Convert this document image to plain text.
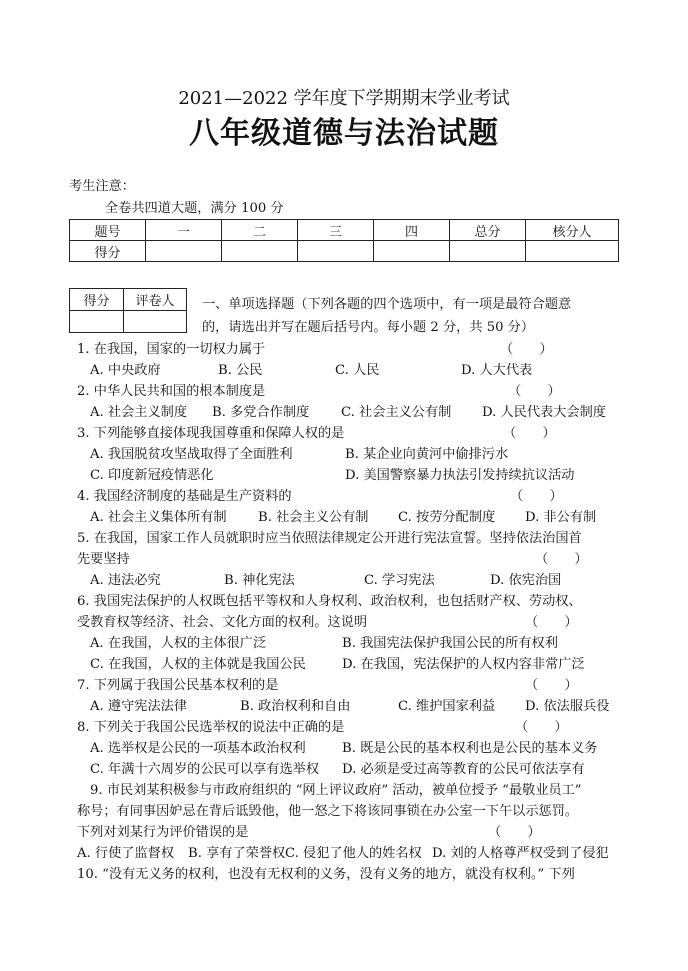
2021—2022 学年度下学期期末学业考试
八年级道德与法治试题
考生注意：
全卷共四道大题，满分 100 分
题号	一	二	三	四	总分	核分人
得分						
得分	评卷人
	一、单项选择题（下列各题的四个选项中，有一项是最符合题意
的，请选出并写在题后括号内。每小题 2 分，共 50 分）
1. 在我国，国家的一切权力属于	（　　）
A. 中央政府	B. 公民	C. 人民	D. 人大代表
2. 中华人民共和国的根本制度是	（　　）
A. 社会主义制度 B. 多党合作制度 C. 社会主义公有制 D. 人民代表大会制度
3. 下列能够直接体现我国尊重和保障人权的是	（　　）
A. 我国脱贫攻坚战取得了全面胜利	B. 某企业向黄河中偷排污水
C. 印度新冠疫情恶化	D. 美国警察暴力执法引发持续抗议活动
4. 我国经济制度的基础是生产资料的	（　　）
A. 社会主义集体所有制 B. 社会主义公有制 C. 按劳分配制度 D. 非公有制
5. 在我国，国家工作人员就职时应当依照法律规定公开进行宪法宣誓。坚持依法治国首
先要坚持	（　　）
A. 违法必究	B. 神化宪法	C. 学习宪法	D. 依宪治国
6. 我国宪法保护的人权既包括平等权和人身权利、政治权利，也包括财产权、劳动权、
受教育权等经济、社会、文化方面的权利。这说明	（　　）
A. 在我国，人权的主体很广泛	B. 我国宪法保护我国公民的所有权利
C. 在我国，人权的主体就是我国公民	D. 在我国，宪法保护的人权内容非常广泛
7. 下列属于我国公民基本权利的是	（　　）
A. 遵守宪法法律	B. 政治权利和自由	C. 维护国家利益 D. 依法服兵役
8. 下列关于我国公民选举权的说法中正确的是	（　　）
A. 选举权是公民的一项基本政治权利	B. 既是公民的基本权利也是公民的基本义务
C. 年满十六周岁的公民可以享有选举权 D. 必须是受过高等教育的公民可依法享有
9. 市民刘某积极参与市政府组织的 “网上评议政府” 活动，被单位授予 “最敬业员工”
称号；有同事因妒忌在背后诋毁他，他一怒之下将该同事锁在办公室一下午以示惩罚。
下列对刘某行为评价错误的是	（　　）
A. 行使了监督权 B. 享有了荣誉权 C. 侵犯了他人的姓名权 D. 刘的人格尊严权受到了侵犯
10. “没有无义务的权利，也没有无权利的义务，没有义务的地方，就没有权利。” 下列
